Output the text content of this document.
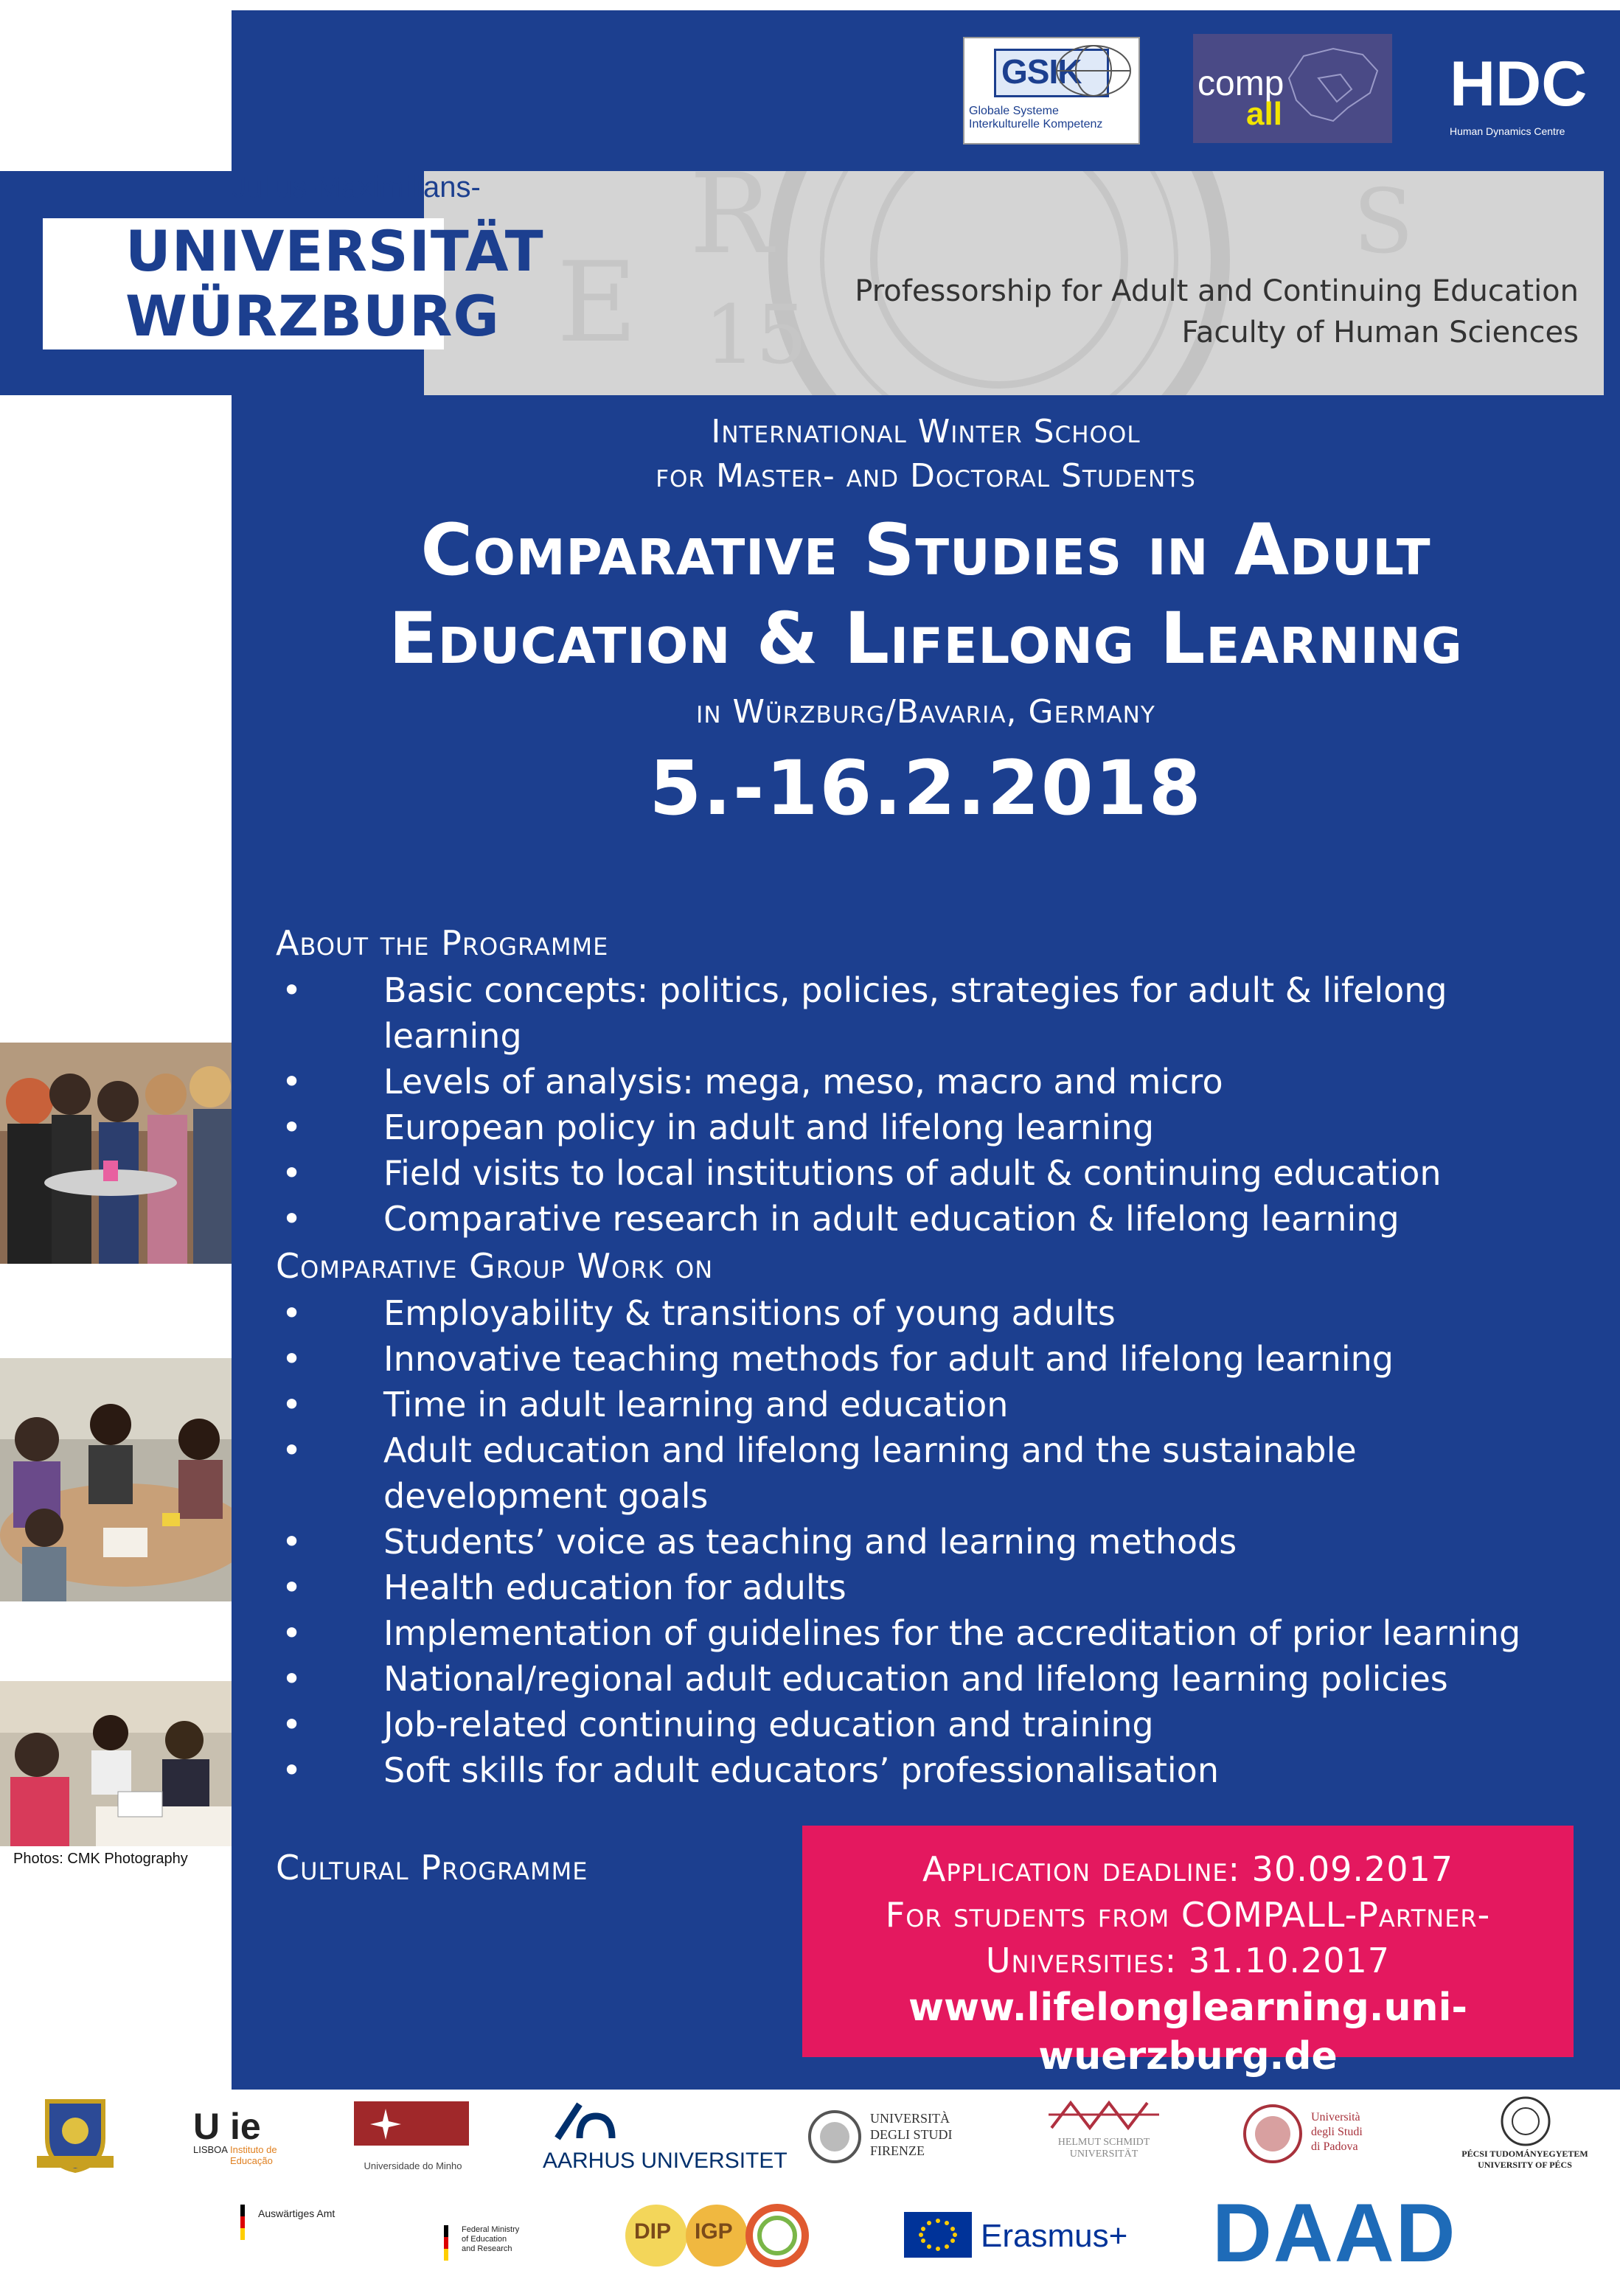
GSIK
Globale Systeme
Interkulturelle Kompetenz
comp
all	HDC
Human Dynamics Centre
E
R
15
S
Julius-Maximilians-
UNIVERSITÄT
WÜRZBURG	Professorship for Adult and Continuing Education
Faculty of Human Sciences
International Winter School
for Master- and Doctoral Students
Comparative Studies in Adult
Education & Lifelong Learning
in Würzburg/Bavaria, Germany
5.-16.2.2018
About the Programme
• Basic concepts: politics, policies, strategies for adult & lifelong learning
• Levels of analysis: mega, meso, macro and micro
• European policy in adult and lifelong learning
• Field visits to local institutions of adult & continuing education
• Comparative research in adult education & lifelong learning
Comparative Group Work on
• Employability & transitions of young adults
• Innovative teaching methods for adult and lifelong learning
• Time in adult learning and education
• Adult education and lifelong learning and the sustainable development goals
• Students’ voice as teaching and learning methods
• Health education for adults
• Implementation of guidelines for the accreditation of prior learning
• National/regional adult education and lifelong learning policies
• Job-related continuing education and training
• Soft skills for adult educators’ professionalisation
Cultural Programme
Photos: CMK Photography	Application deadline: 30.09.2017
For students from COMPALL-Partner-
Universities: 31.10.2017
www.lifelonglearning.uni-wuerzburg.de
U ie
LISBOA Instituto de Educação	Universidade do Minho	AARHUS UNIVERSITET
UNIVERSITÀ
DEGLI STUDI
FIRENZE
HELMUT SCHMIDT
UNIVERSITÄT
Università
degli Studi
di Padova
PÉCSI TUDOMÁNYEGYETEM
UNIVERSITY OF PÉCS
Auswärtiges Amt
Federal Ministry
of Education
and Research
DIP IGP	Erasmus+ DAAD
